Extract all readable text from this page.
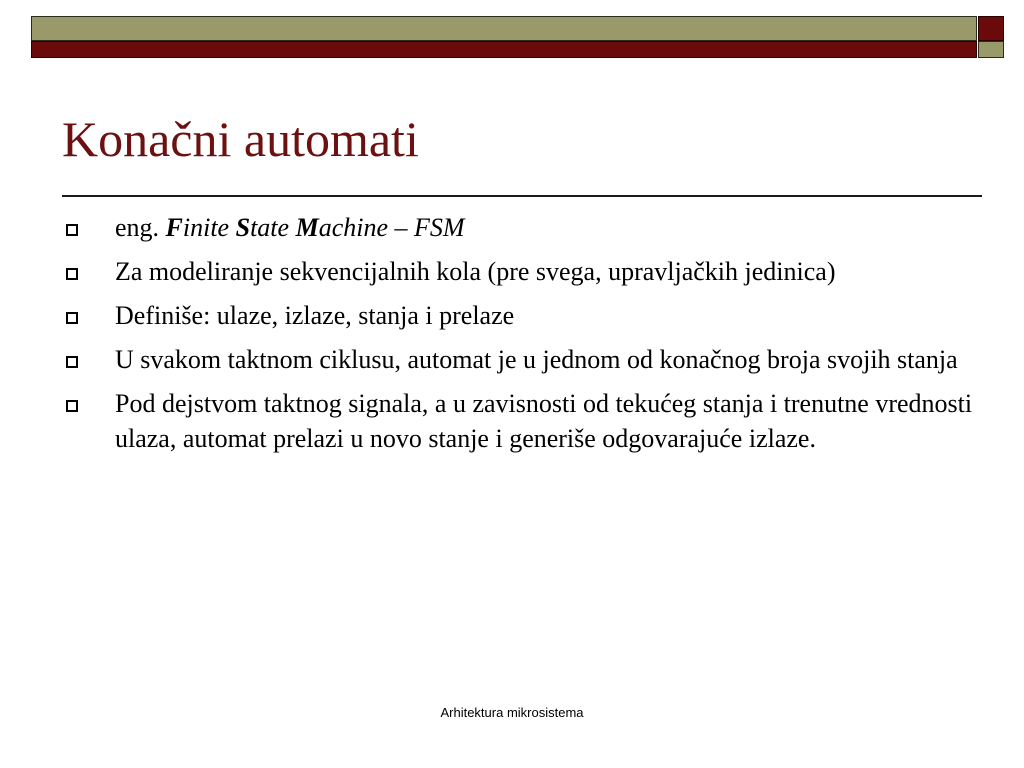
Konačni automati
eng. Finite State Machine – FSM
Za modeliranje sekvencijalnih kola (pre svega, upravljačkih jedinica)
Definiše: ulaze, izlaze, stanja i prelaze
U svakom taktnom ciklusu, automat je u jednom od konačnog broja svojih stanja
Pod dejstvom taktnog signala, a u zavisnosti od tekućeg stanja i trenutne vrednosti ulaza, automat prelazi u novo stanje i generiše odgovarajuće izlaze.
Arhitektura mikrosistema
